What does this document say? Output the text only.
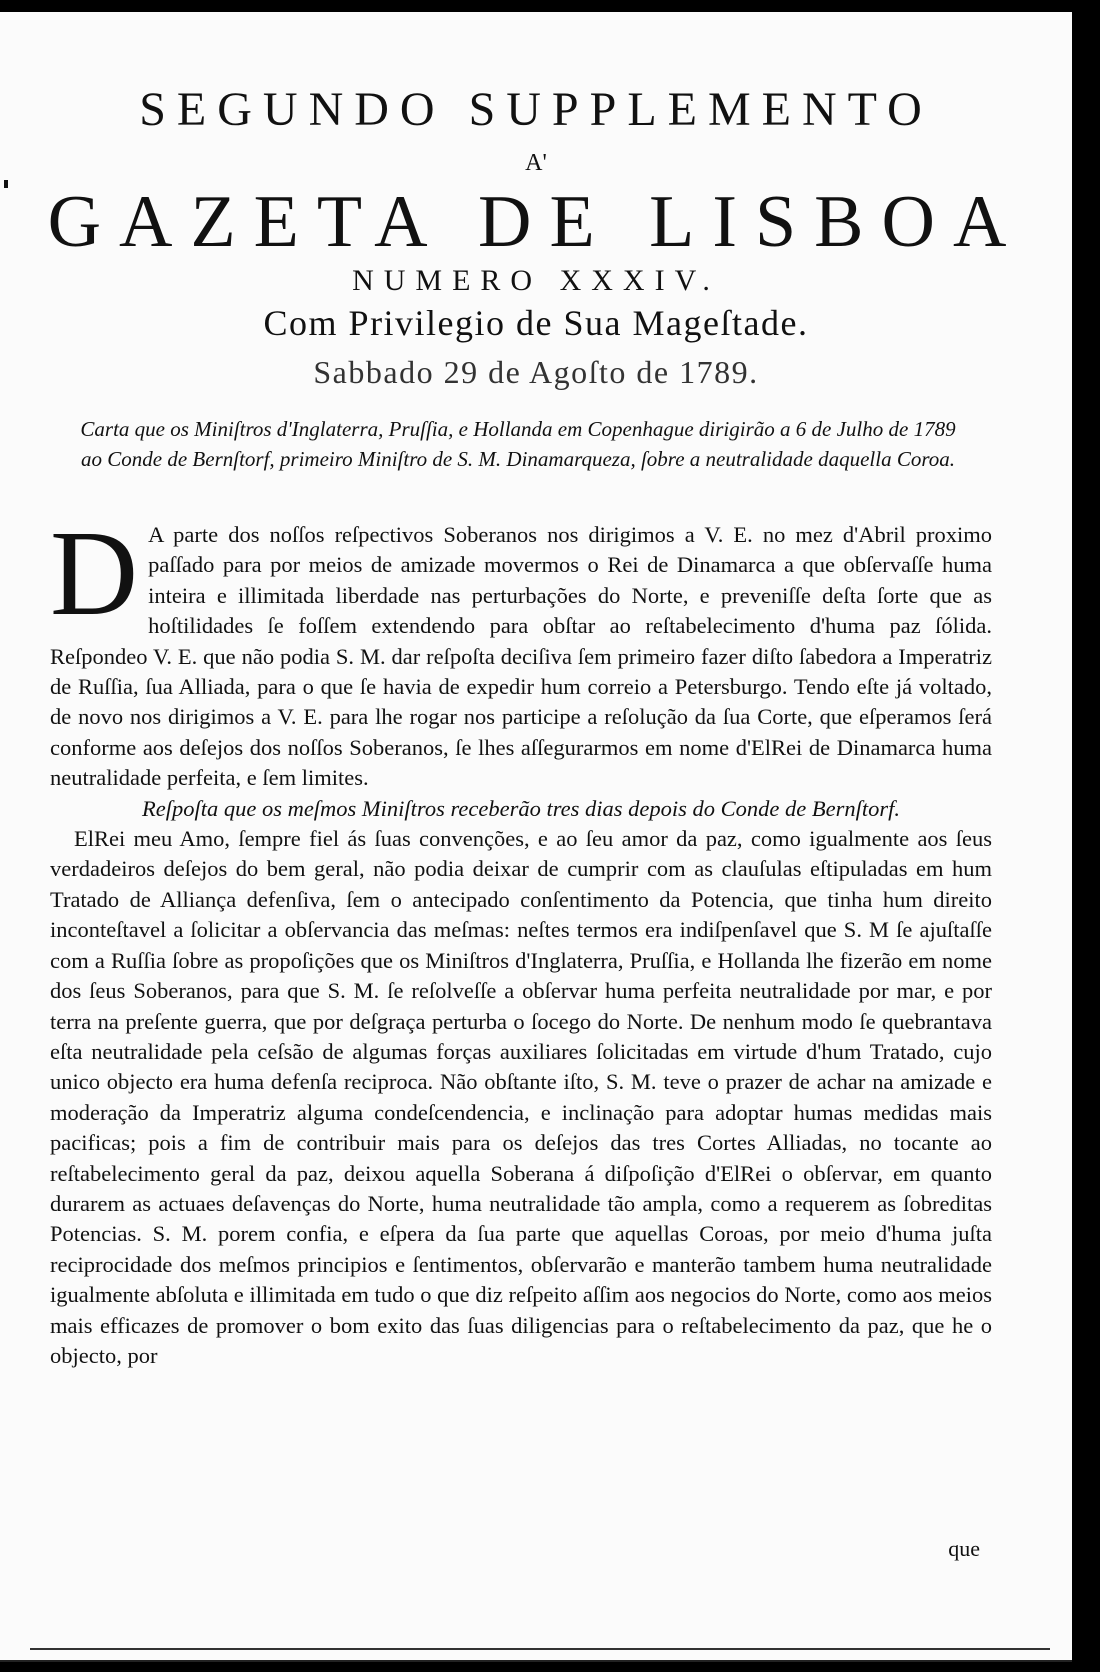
SEGUNDO SUPPLEMENTO
A'
GAZETA DE LISBOA
NUMERO XXXIV.
Com Privilegio de Sua Mageſtade.
Sabbado 29 de Agoſto de 1789.
Carta que os Miniſtros d'Inglaterra, Pruſſia, e Hollanda em Copenhague dirigirão a 6 de Julho de 1789 ao Conde de Bernſtorf, primeiro Miniſtro de S. M. Dinamarqueza, ſobre a neutralidade daquella Coroa.

D A parte dos noſſos reſpectivos Soberanos nos dirigimos a V. E. no mez d'Abril proximo paſſado para por meios de amizade movermos o Rei de Dinamarca a que obſervaſſe huma inteira e illimitada liberdade nas perturbações do Norte, e preveniſſe deſta ſorte que as hoſtilidades ſe foſſem extendendo para obſtar ao reſtabelecimento d'huma paz ſólida. Reſpondeo V. E. que não podia S. M. dar reſpoſta deciſiva ſem primeiro fazer diſto ſabedora a Imperatriz de Ruſſia, ſua Alliada, para o que ſe havia de expedir hum correio a Petersburgo. Tendo eſte já voltado, de novo nos dirigimos a V. E. para lhe rogar nos participe a reſolução da ſua Corte, que eſperamos ſerá conforme aos deſejos dos noſſos Soberanos, ſe lhes aſſegurarmos em nome d'ElRei de Dinamarca huma neutralidade perfeita, e ſem limites.

Reſpoſta que os meſmos Miniſtros receberão tres dias depois do Conde de Bernſtorf.

ElRei meu Amo, ſempre fiel ás ſuas convenções, e ao ſeu amor da paz, como igualmente aos ſeus verdadeiros deſejos do bem geral, não podia deixar de cumprir com as clauſulas eſtipuladas em hum Tratado de Alliança defenſiva, ſem o antecipado conſentimento da Potencia, que tinha hum direito inconteſtavel a ſolicitar a obſervancia das meſmas: neſtes termos era indiſpenſavel que S. M ſe ajuſtaſſe com a Ruſſia ſobre as propoſições que os Miniſtros d'Inglaterra, Pruſſia, e Hollanda lhe fizerão em nome dos ſeus Soberanos, para que S. M. ſe reſolveſſe a obſervar huma perfeita neutralidade por mar, e por terra na preſente guerra, que por deſgraça perturba o ſocego do Norte. De nenhum modo ſe quebrantava eſta neutralidade pela ceſsão de algumas forças auxiliares ſolicitadas em virtude d'hum Tratado, cujo unico objecto era huma defenſa reciproca. Não obſtante iſto, S. M. teve o prazer de achar na amizade e moderação da Imperatriz alguma condeſcendencia, e inclinação para adoptar humas medidas mais pacificas; pois a fim de contribuir mais para os deſejos das tres Cortes Alliadas, no tocante ao reſtabelecimento geral da paz, deixou aquella Soberana á diſpoſição d'ElRei o obſervar, em quanto durarem as actuaes deſavenças do Norte, huma neutralidade tão ampla, como a requerem as ſobreditas Potencias. S. M. porem confia, e eſpera da ſua parte que aquellas Coroas, por meio d'huma juſta reciprocidade dos meſmos principios e ſentimentos, obſervarão e manterão tambem huma neutralidade igualmente abſoluta e illimitada em tudo o que diz reſpeito aſſim aos negocios do Norte, como aos meios mais efficazes de promover o bom exito das ſuas diligencias para o reſtabelecimento da paz, que he o objecto, por

que
